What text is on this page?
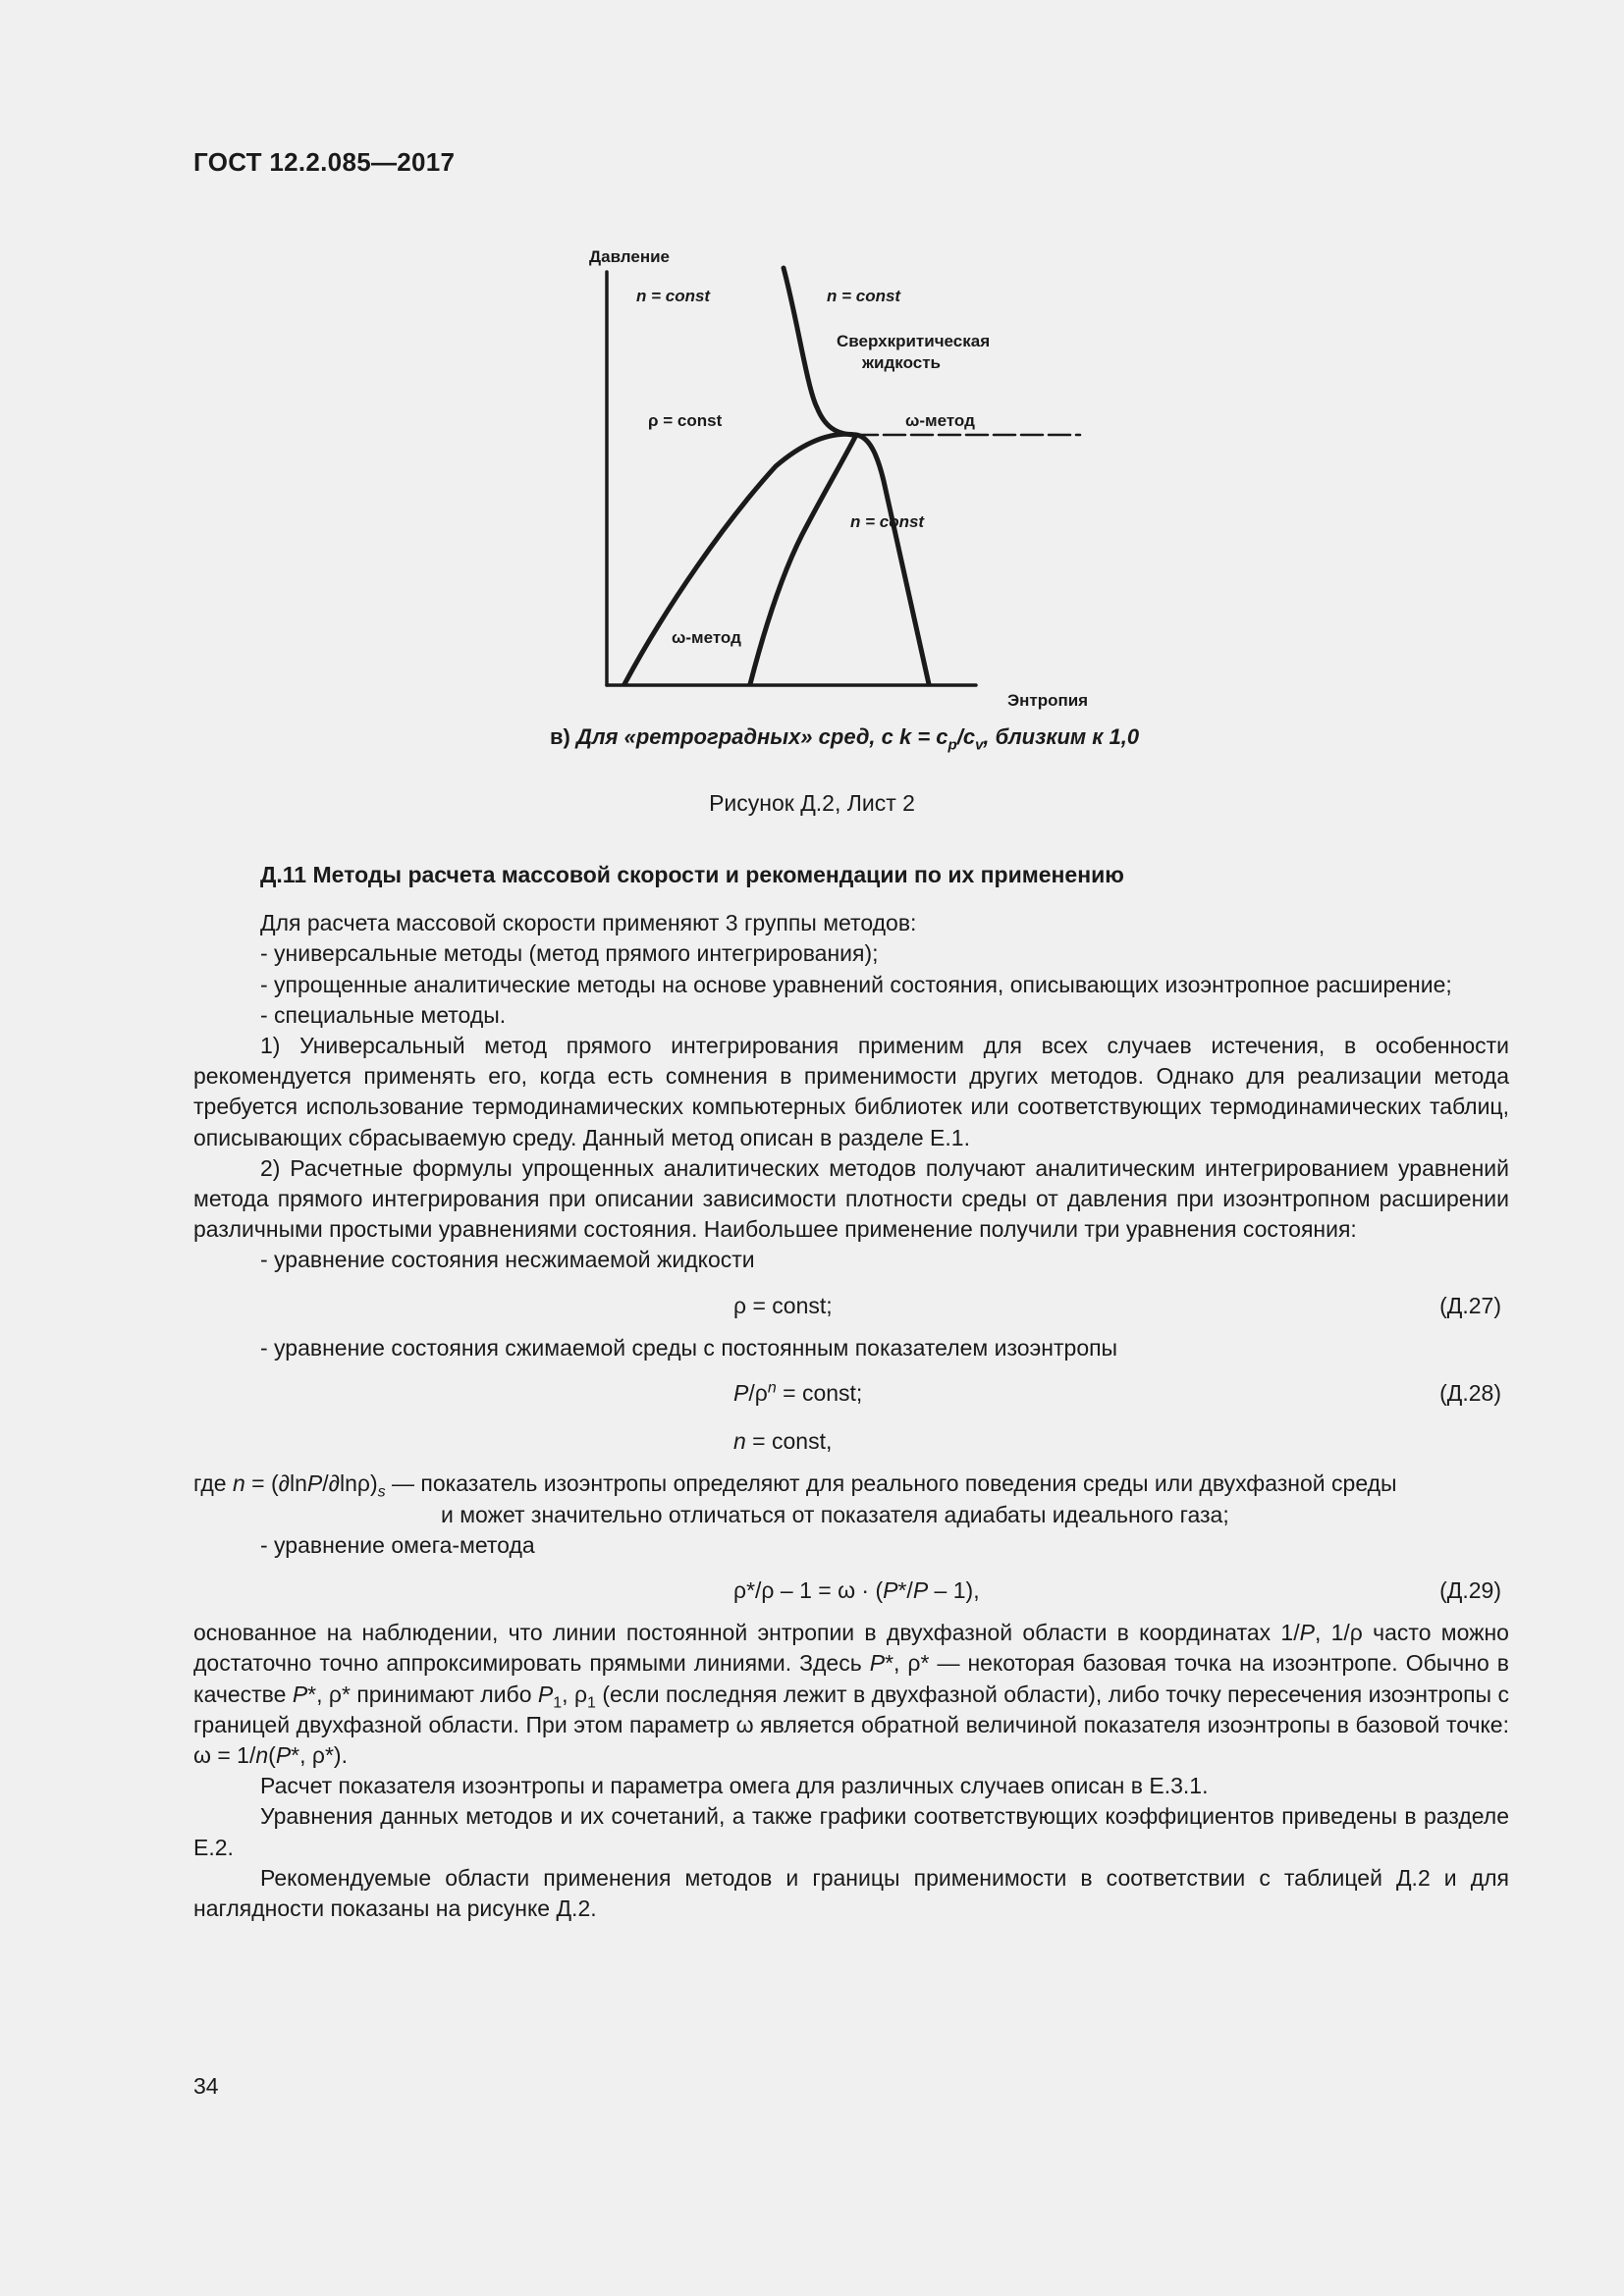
ГОСТ 12.2.085—2017
Давление
Энтропия
n = const	n = const
Сверхкритическая
жидкость
ρ = const	ω-метод
n = const
ω-метод
в) Для «ретроградных» сред, с $k = c_p/c_v$, близким к 1,0
Рисунок Д.2, Лист 2
Д.11 Методы расчета массовой скорости и рекомендации по их применению

Для расчета массовой скорости применяют 3 группы методов:

- универсальные методы (метод прямого интегрирования);

- упрощенные аналитические методы на основе уравнений состояния, описывающих изоэнтропное расширение;

- специальные методы.

1) Универсальный метод прямого интегрирования применим для всех случаев истечения, в особенности рекомендуется применять его, когда есть сомнения в применимости других методов. Однако для реализации метода требуется использование термодинамических компьютерных библиотек или соответствующих термодинамических таблиц, описывающих сбрасываемую среду. Данный метод описан в разделе Е.1.

2) Расчетные формулы упрощенных аналитических методов получают аналитическим интегрированием уравнений метода прямого интегрирования при описании зависимости плотности среды от давления при изоэнтропном расширении различными простыми уравнениями состояния. Наибольшее применение получили три уравнения состояния:

- уравнение состояния несжимаемой жидкости

ρ = const;	(Д.27)

- уравнение состояния сжимаемой среды с постоянным показателем изоэнтропы

$P/\rho^n$ = const;	(Д.28)
n = const,

где $n = (\partial\ln P/\partial\ln\rho)_s$ — показатель изоэнтропы определяют для реального поведения среды или двухфазной среды

и может значительно отличаться от показателя адиабаты идеального газа;

- уравнение омега-метода

ρ*/ρ – 1 = ω · (P*/P – 1),	(Д.29)

основанное на наблюдении, что линии постоянной энтропии в двухфазной области в координатах 1/P, 1/ρ часто можно достаточно точно аппроксимировать прямыми линиями. Здесь P*, ρ* — некоторая базовая точка на изоэнтропе. Обычно в качестве P*, ρ* принимают либо $P_1$, $\rho_1$ (если последняя лежит в двухфазной области), либо точку пересечения изоэнтропы с границей двухфазной области. При этом параметр ω является обратной величиной показателя изоэнтропы в базовой точке: ω = 1/n(P*, ρ*).

Расчет показателя изоэнтропы и параметра омега для различных случаев описан в Е.3.1.

Уравнения данных методов и их сочетаний, а также графики соответствующих коэффициентов приведены в разделе Е.2.

Рекомендуемые области применения методов и границы применимости в соответствии с таблицей Д.2 и для наглядности показаны на рисунке Д.2.

34
